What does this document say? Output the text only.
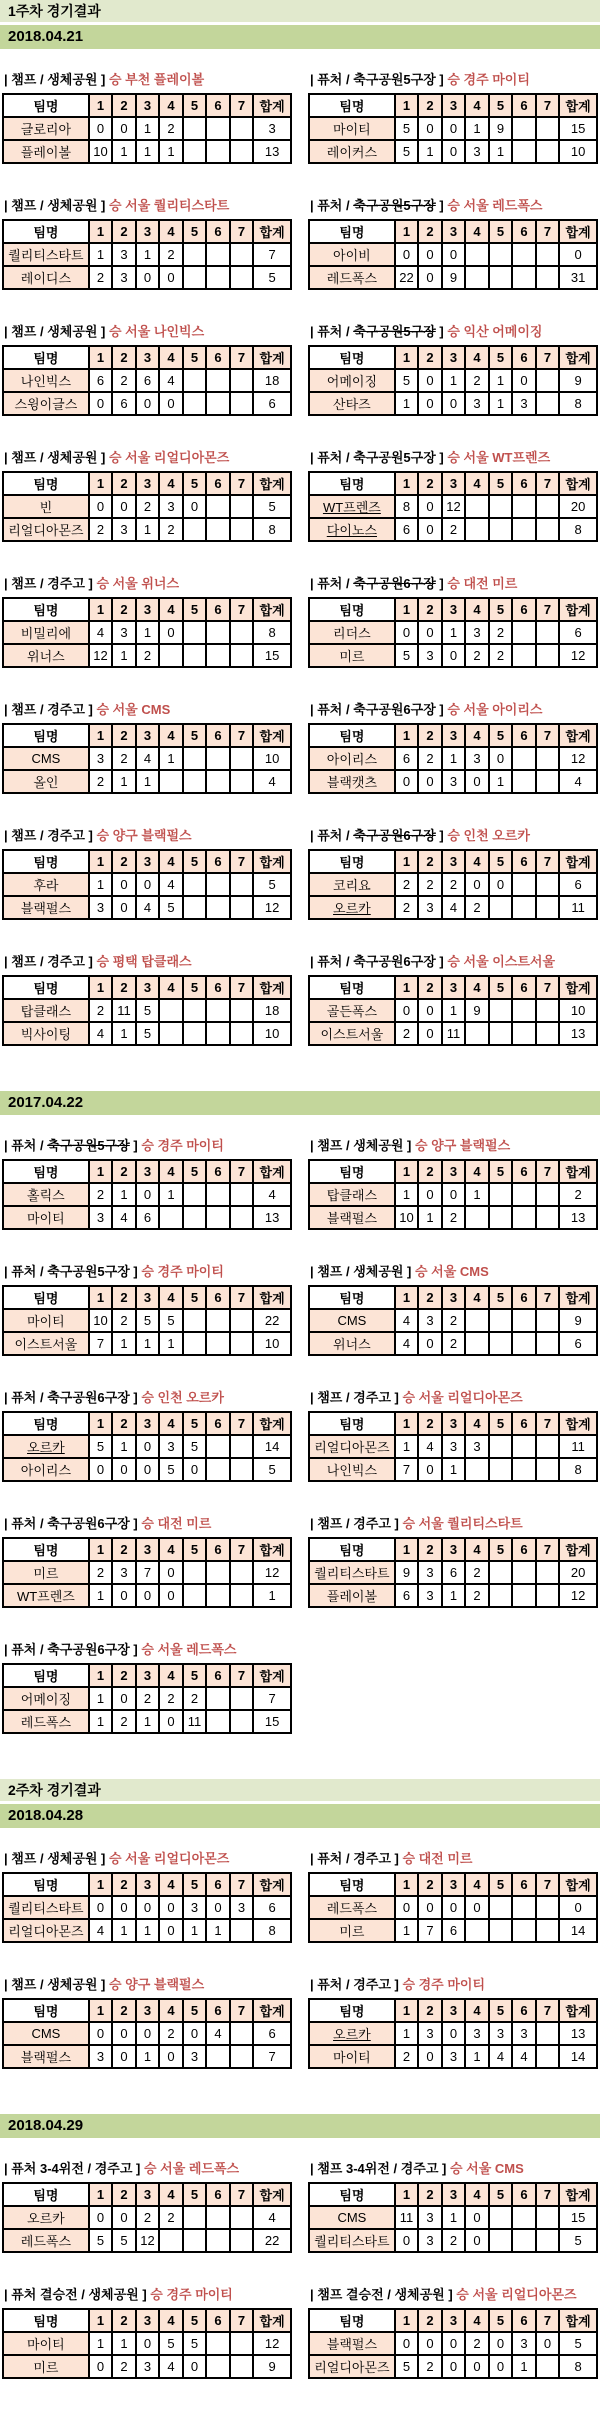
1주차 경기결과
2018.04.21
| 챔프 / 생체공원 ] 승 부천 플레이볼
팀명	1	2	3	4	5	6	7	합계
글로리아	0	0	1	2				3
플레이볼	10	1	1	1				13
| 챔프 / 생체공원 ] 승 서울 퀄리티스타트
팀명	1	2	3	4	5	6	7	합계
퀄리티스타트	1	3	1	2				7
레이디스	2	3	0	0				5
| 챔프 / 생체공원 ] 승 서울 나인빅스
팀명	1	2	3	4	5	6	7	합계
나인빅스	6	2	6	4				18
스윙이글스	0	6	0	0				6
| 챔프 / 생체공원 ] 승 서울 리얼디아몬즈
팀명	1	2	3	4	5	6	7	합계
빈	0	0	2	3	0			5
리얼디아몬즈	2	3	1	2				8
| 챔프 / 경주고 ] 승 서울 위너스
팀명	1	2	3	4	5	6	7	합계
비밀리에	4	3	1	0				8
위너스	12	1	2					15
| 챔프 / 경주고 ] 승 서울 CMS
팀명	1	2	3	4	5	6	7	합계
CMS	3	2	4	1				10
올인	2	1	1					4
| 챔프 / 경주고 ] 승 양구 블랙펄스
팀명	1	2	3	4	5	6	7	합계
후라	1	0	0	4				5
블랙펄스	3	0	4	5				12
| 챔프 / 경주고 ] 승 평택 탑클래스
팀명	1	2	3	4	5	6	7	합계
탑클래스	2	11	5					18
빅사이팅	4	1	5					10
| 퓨처 / 축구공원5구장 ] 승 경주 마이티
팀명	1	2	3	4	5	6	7	합계
마이티	5	0	0	1	9			15
레이커스	5	1	0	3	1			10
| 퓨처 / 축구공원5구장 ] 승 서울 레드폭스
팀명	1	2	3	4	5	6	7	합계
아이비	0	0	0					0
레드폭스	22	0	9					31
| 퓨처 / 축구공원5구장 ] 승 익산 어메이징
팀명	1	2	3	4	5	6	7	합계
어메이징	5	0	1	2	1	0		9
산타즈	1	0	0	3	1	3		8
| 퓨처 / 축구공원5구장 ] 승 서울 WT프렌즈
팀명	1	2	3	4	5	6	7	합계
WT프렌즈	8	0	12					20
다이노스	6	0	2					8
| 퓨처 / 축구공원6구장 ] 승 대전 미르
팀명	1	2	3	4	5	6	7	합계
리더스	0	0	1	3	2			6
미르	5	3	0	2	2			12
| 퓨처 / 축구공원6구장 ] 승 서울 아이리스
팀명	1	2	3	4	5	6	7	합계
아이리스	6	2	1	3	0			12
블랙캣츠	0	0	3	0	1			4
| 퓨처 / 축구공원6구장 ] 승 인천 오르카
팀명	1	2	3	4	5	6	7	합계
코리요	2	2	2	0	0			6
오르카	2	3	4	2				11
| 퓨처 / 축구공원6구장 ] 승 서울 이스트서울
팀명	1	2	3	4	5	6	7	합계
골든폭스	0	0	1	9				10
이스트서울	2	0	11					13
2017.04.22
| 퓨처 / 축구공원5구장 ] 승 경주 마이티
팀명	1	2	3	4	5	6	7	합계
홀릭스	2	1	0	1				4
마이티	3	4	6					13
| 퓨처 / 축구공원5구장 ] 승 경주 마이티
팀명	1	2	3	4	5	6	7	합계
마이티	10	2	5	5				22
이스트서울	7	1	1	1				10
| 퓨처 / 축구공원6구장 ] 승 인천 오르카
팀명	1	2	3	4	5	6	7	합계
오르카	5	1	0	3	5			14
아이리스	0	0	0	5	0			5
| 퓨처 / 축구공원6구장 ] 승 대전 미르
팀명	1	2	3	4	5	6	7	합계
미르	2	3	7	0				12
WT프렌즈	1	0	0	0				1
| 퓨처 / 축구공원6구장 ] 승 서울 레드폭스
팀명	1	2	3	4	5	6	7	합계
어메이징	1	0	2	2	2			7
레드폭스	1	2	1	0	11			15
| 챔프 / 생체공원 ] 승 양구 블랙펄스
팀명	1	2	3	4	5	6	7	합계
탑클래스	1	0	0	1				2
블랙펄스	10	1	2					13
| 챔프 / 생체공원 ] 승 서울 CMS
팀명	1	2	3	4	5	6	7	합계
CMS	4	3	2					9
위너스	4	0	2					6
| 챔프 / 경주고 ] 승 서울 리얼디아몬즈
팀명	1	2	3	4	5	6	7	합계
리얼디아몬즈	1	4	3	3				11
나인빅스	7	0	1					8
| 챔프 / 경주고 ] 승 서울 퀄리티스타트
팀명	1	2	3	4	5	6	7	합계
퀄리티스타트	9	3	6	2				20
플레이볼	6	3	1	2				12
2주차 경기결과
2018.04.28
| 챔프 / 생체공원 ] 승 서울 리얼디아몬즈
팀명	1	2	3	4	5	6	7	합계
퀄리티스타트	0	0	0	0	3	0	3	6
리얼디아몬즈	4	1	1	0	1	1		8
| 챔프 / 생체공원 ] 승 양구 블랙펄스
팀명	1	2	3	4	5	6	7	합계
CMS	0	0	0	2	0	4		6
블랙펄스	3	0	1	0	3			7
| 퓨처 / 경주고 ] 승 대전 미르
팀명	1	2	3	4	5	6	7	합계
레드폭스	0	0	0	0				0
미르	1	7	6					14
| 퓨처 / 경주고 ] 승 경주 마이티
팀명	1	2	3	4	5	6	7	합계
오르카	1	3	0	3	3	3		13
마이티	2	0	3	1	4	4		14
2018.04.29
| 퓨처 3-4위전 / 경주고 ] 승 서울 레드폭스
팀명	1	2	3	4	5	6	7	합계
오르카	0	0	2	2				4
레드폭스	5	5	12					22
| 퓨처 결승전 / 생체공원 ] 승 경주 마이티
팀명	1	2	3	4	5	6	7	합계
마이티	1	1	0	5	5			12
미르	0	2	3	4	0			9
| 챔프 3-4위전 / 경주고 ] 승 서울 CMS
팀명	1	2	3	4	5	6	7	합계
CMS	11	3	1	0				15
퀄리티스타트	0	3	2	0				5
| 챔프 결승전 / 생체공원 ] 승 서울 리얼디아몬즈
팀명	1	2	3	4	5	6	7	합계
블랙펄스	0	0	0	2	0	3	0	5
리얼디아몬즈	5	2	0	0	0	1		8
